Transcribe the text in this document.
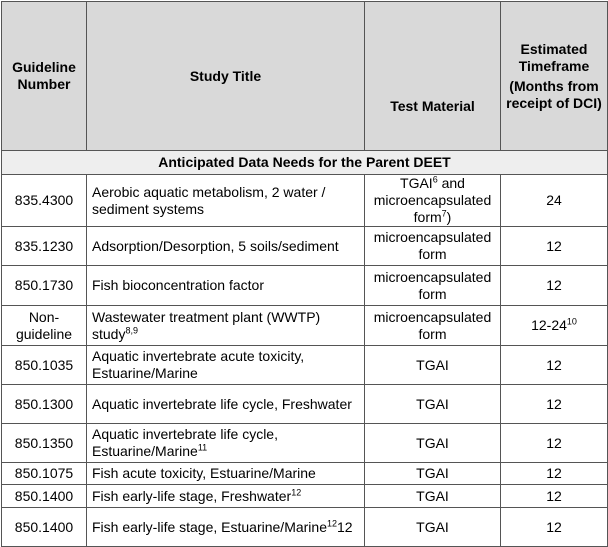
Guideline Number	Study Title	Test Material	Estimated Timeframe
(Months from receipt of DCI)

Anticipated Data Needs for the Parent DEET			
835.4300	Aerobic aquatic metabolism, 2 water / sediment systems	TGAI$^6$ and microencapsulated form$^7$)	24
835.1230	Adsorption/Desorption, 5 soils/sediment	microencapsulated form	12
850.1730	Fish bioconcentration factor	microencapsulated form	12
Non-guideline	Wastewater treatment plant (WWTP) study$^{8,9}$	microencapsulated form	$12-24^{10}$
850.1035	Aquatic invertebrate acute toxicity, Estuarine/Marine	TGAI	12
850.1300	Aquatic invertebrate life cycle, Freshwater	TGAI	12
850.1350	Aquatic invertebrate life cycle, Estuarine/Marine$^{11}$	TGAI	12
850.1075	Fish acute toxicity, Estuarine/Marine	TGAI	12
850.1400	Fish early-life stage, Freshwater$^{12}$	TGAI	12
850.1400	Fish early-life stage, Estuarine/Marine$^{12}$12	TGAI	12
